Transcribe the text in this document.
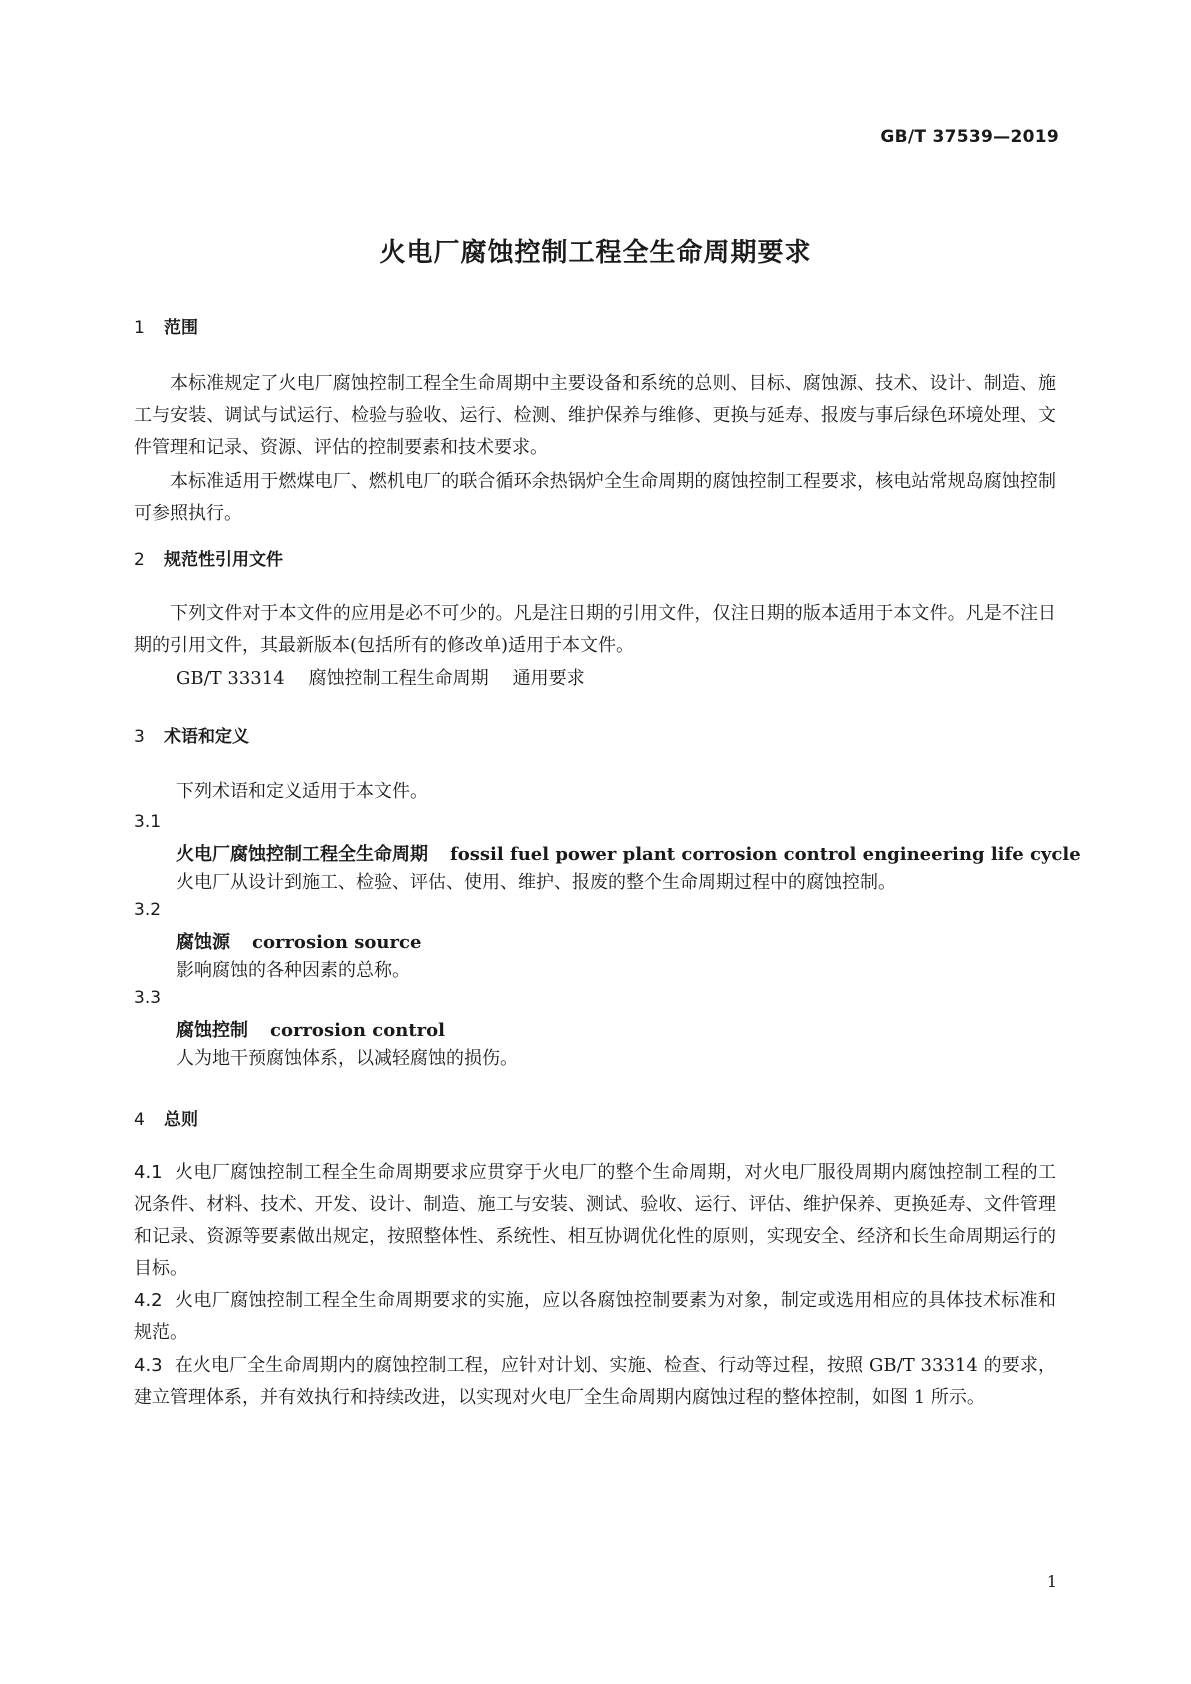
GB/T 37539—2019
火电厂腐蚀控制工程全生命周期要求
1 范围
本标准规定了火电厂腐蚀控制工程全生命周期中主要设备和系统的总则、目标、腐蚀源、技术、设计、制造、施工与安装、调试与试运行、检验与验收、运行、检测、维护保养与维修、更换与延寿、报废与事后绿色环境处理、文件管理和记录、资源、评估的控制要素和技术要求。
本标准适用于燃煤电厂、燃机电厂的联合循环余热锅炉全生命周期的腐蚀控制工程要求，核电站常规岛腐蚀控制可参照执行。
2 规范性引用文件
下列文件对于本文件的应用是必不可少的。凡是注日期的引用文件，仅注日期的版本适用于本文件。凡是不注日期的引用文件，其最新版本(包括所有的修改单)适用于本文件。
GB/T 33314 腐蚀控制工程生命周期 通用要求
3 术语和定义
下列术语和定义适用于本文件。
3.1
火电厂腐蚀控制工程全生命周期 fossil fuel power plant corrosion control engineering life cycle
火电厂从设计到施工、检验、评估、使用、维护、报废的整个生命周期过程中的腐蚀控制。
3.2
腐蚀源 corrosion source
影响腐蚀的各种因素的总称。
3.3
腐蚀控制 corrosion control
人为地干预腐蚀体系，以减轻腐蚀的损伤。
4 总则
4.1 火电厂腐蚀控制工程全生命周期要求应贯穿于火电厂的整个生命周期，对火电厂服役周期内腐蚀控制工程的工况条件、材料、技术、开发、设计、制造、施工与安装、测试、验收、运行、评估、维护保养、更换延寿、文件管理和记录、资源等要素做出规定，按照整体性、系统性、相互协调优化性的原则，实现安全、经济和长生命周期运行的目标。
4.2 火电厂腐蚀控制工程全生命周期要求的实施，应以各腐蚀控制要素为对象，制定或选用相应的具体技术标准和规范。
4.3 在火电厂全生命周期内的腐蚀控制工程，应针对计划、实施、检查、行动等过程，按照 GB/T 33314 的要求，建立管理体系，并有效执行和持续改进，以实现对火电厂全生命周期内腐蚀过程的整体控制，如图 1 所示。
1
